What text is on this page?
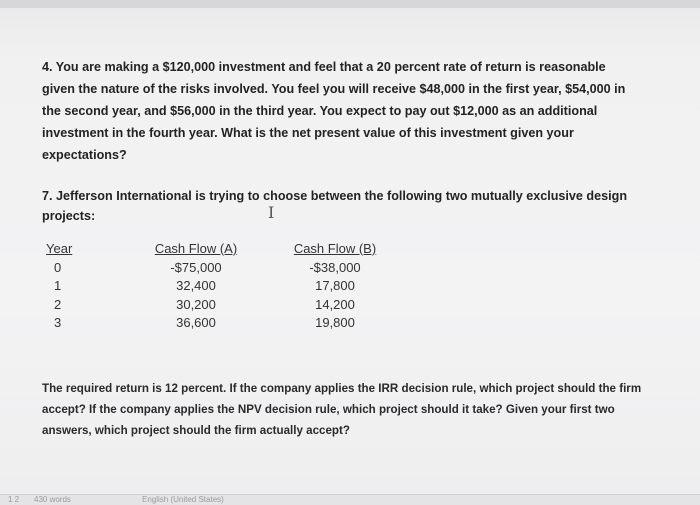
4. You are making a $120,000 investment and feel that a 20 percent rate of return is reasonable given the nature of the risks involved. You feel you will receive $48,000 in the first year, $54,000 in the second year, and $56,000 in the third year. You expect to pay out $12,000 as an additional investment in the fourth year. What is the net present value of this investment given your expectations?
7. Jefferson International is trying to choose between the following two mutually exclusive design projects:	I
Year
0
1
2
3
Cash Flow (A)
-$75,000
32,400
30,200
36,600
Cash Flow (B)
-$38,000
17,800
14,200
19,800
The required return is 12 percent. If the company applies the IRR decision rule, which project should the firm accept? If the company applies the NPV decision rule, which project should it take? Given your first two answers, which project should the firm actually accept?
1 2 430 words	English (United States)
